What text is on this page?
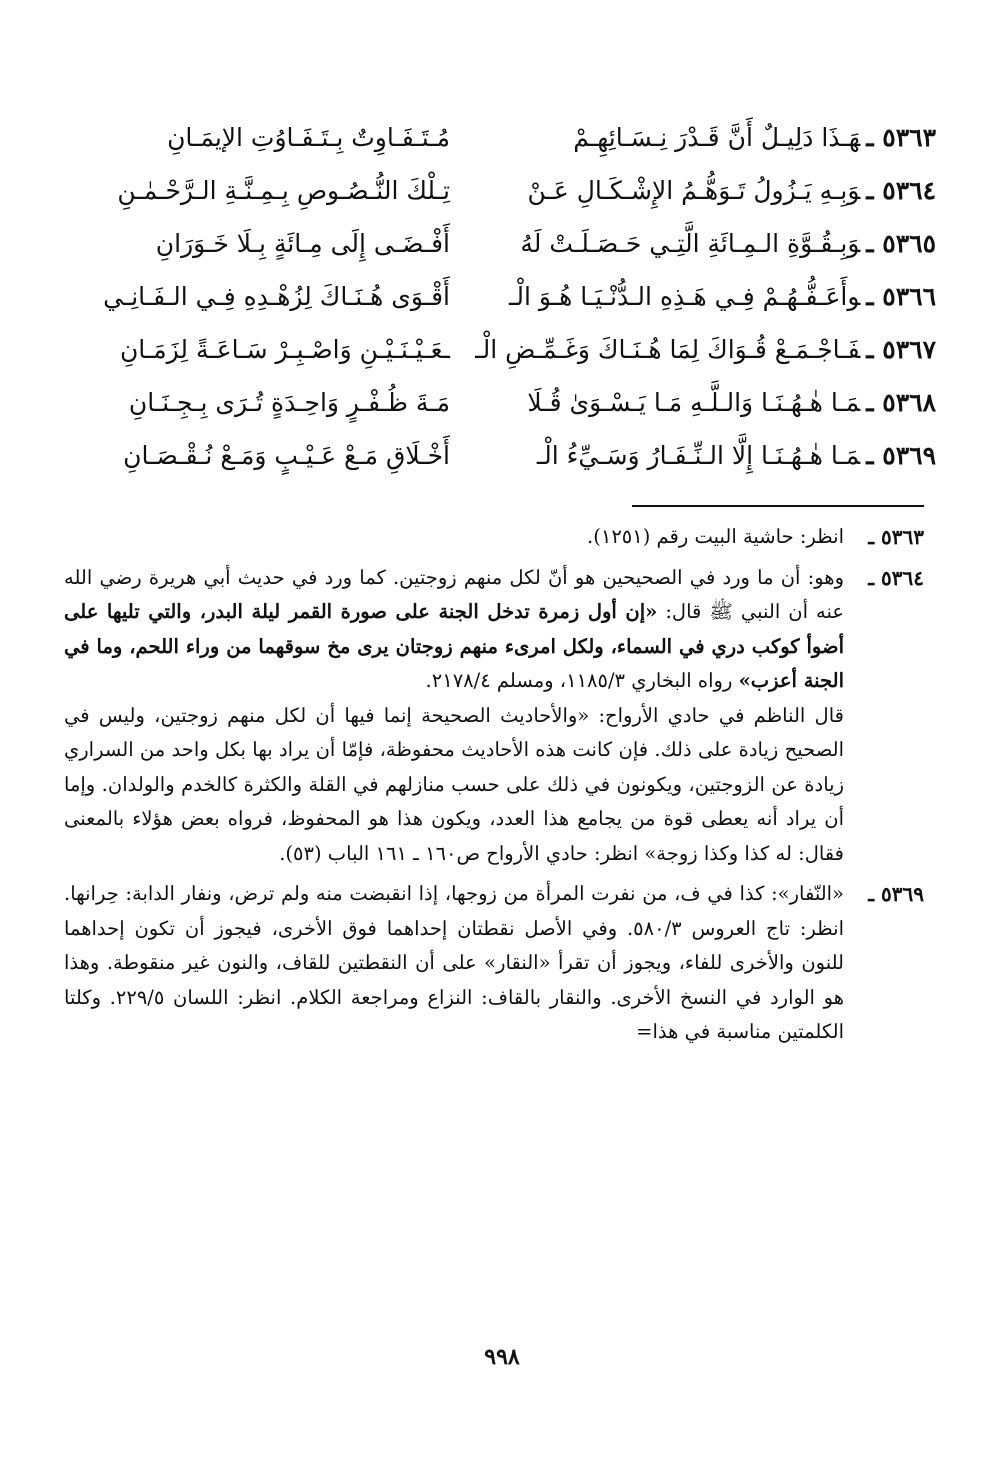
٥٣٦٣ ـهَـذَا دَلِيـلٌ أَنَّ قَـدْرَ نِـسَـائِهِـمْ
مُـتَـفَـاوِتٌ بِـتَـفَـاوُتِ الإيمَـانِ
٥٣٦٤ ـوَبِـهِ يَـزُولُ تَـوَهُّـمُ الإِشْـكَـالِ عَـنْ
تِـلْكَ النُّـصُـوصِ بِـمِـنَّـةِ الـرَّحْـمٰـنِ
٥٣٦٥ ـوَبِـقُـوَّةِ الـمِـائَةِ الَّتِـي حَـصَـلَـتْ لَهُ
أَفْـضَـى إِلَى مِـائَةٍ بِـلَا خَـوَرَانِ
٥٣٦٦ ـوأَعَـفُّـهُـمْ فِـي هَـذِهِ الـدُّنْـيَـا هُـوَ الْـ
أَقْـوَى هُـنَـاكَ لِزُهْـدِهِ فِـي الـفَـانِـي
٥٣٦٧ ـفَـاجْـمَـعْ قُـوَاكَ لِمَا هُـنَـاكَ وَغَـمِّـضِ الْـ
ـعَـيْـنَـيْـنِ وَاصْـبِـرْ سَـاعَـةً لِزَمَـانِ
٥٣٦٨ ـمَـا هٰـهُـنَـا وَالـلَّـهِ مَـا يَـسْـوَىٰ قُـلَا
مَـةَ ظُـفْـرٍ وَاحِـدَةٍ تُـرَى بِـجِـنَـانِ
٥٣٦٩ ـمَـا هٰـهُـنَـا إِلَّا الـنِّـفَـارُ وَسَـيِّءُ الْـ
أَخْـلَاقِ مَـعْ عَـيْـبٍ وَمَـعْ نُـقْـصَـانِ
٥٣٦٣ ـ
انظر: حاشية البيت رقم (١٢٥١).
٥٣٦٤ ـ
وهو: أن ما ورد في الصحيحين هو أنّ لكل منهم زوجتين. كما ورد في حديث أبي هريرة رضي الله عنه أن النبي ﷺ قال: «إن أول زمرة تدخل الجنة على صورة القمر ليلة البدر، والتي تليها على أضوأ كوكب دري في السماء، ولكل امرىء منهم زوجتان يرى مخ سوقهما من وراء اللحم، وما في الجنة أعزب» رواه البخاري ١١٨٥/٣، ومسلم ٢١٧٨/٤.
قال الناظم في حادي الأرواح: «والأحاديث الصحيحة إنما فيها أن لكل منهم زوجتين، وليس في الصحيح زيادة على ذلك. فإن كانت هذه الأحاديث محفوظة، فإمّا أن يراد بها بكل واحد من السراري زيادة عن الزوجتين، ويكونون في ذلك على حسب منازلهم في القلة والكثرة كالخدم والولدان. وإما أن يراد أنه يعطى قوة من يجامع هذا العدد، ويكون هذا هو المحفوظ، فرواه بعض هؤلاء بالمعنى فقال: له كذا وكذا زوجة» انظر: حادي الأرواح ص١٦٠ ـ ١٦١ الباب (٥٣).
٥٣٦٩ ـ
«النّفار»: كذا في ف، من نفرت المرأة من زوجها، إذا انقبضت منه ولم ترض، ونفار الدابة: حِرانها. انظر: تاج العروس ٥٨٠/٣. وفي الأصل نقطتان إحداهما فوق الأخرى، فيجوز أن تكون إحداهما للنون والأخرى للفاء، ويجوز أن تقرأ «النقار» على أن النقطتين للقاف، والنون غير منقوطة. وهذا هو الوارد في النسخ الأخرى. والنقار بالقاف: النزاع ومراجعة الكلام. انظر: اللسان ٢٢٩/٥. وكلتا الكلمتين مناسبة في هذا=
٩٩٨
